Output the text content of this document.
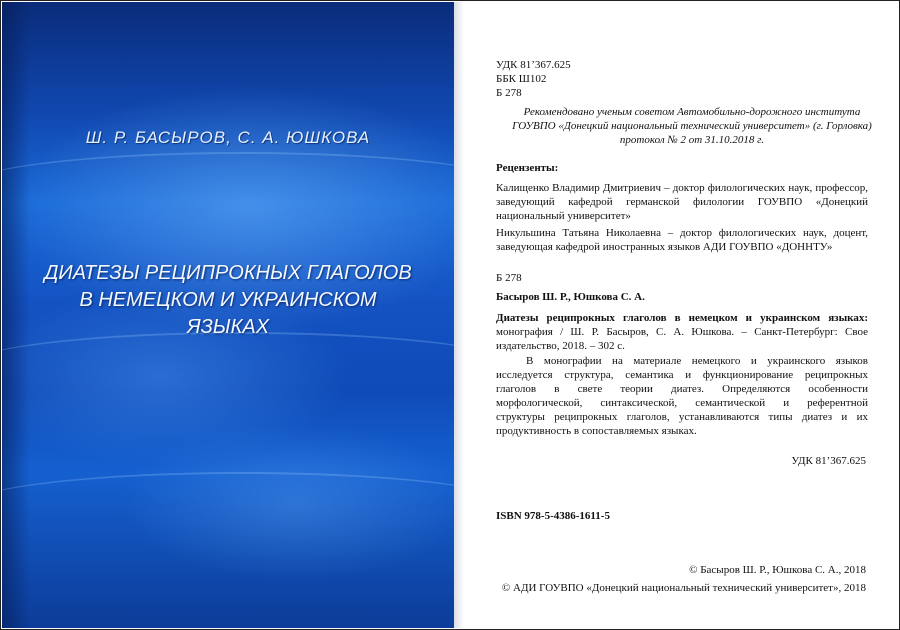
Ш. Р. БАСЫРОВ, С. А. ЮШКОВА
ДИАТЕЗЫ РЕЦИПРОКНЫХ ГЛАГОЛОВ
В НЕМЕЦКОМ И УКРАИНСКОМ
ЯЗЫКАХ
УДК 81’367.625
ББК Ш102
Б 278
Рекомендовано ученым советом Автомобильно-дорожного института
ГОУВПО «Донецкий национальный технический университет» (г. Горловка)
протокол № 2 от 31.10.2018 г.
Рецензенты:
Калищенко Владимир Дмитриевич – доктор филологических наук, профессор,
заведующий кафедрой германской филологии ГОУВПО «Донецкий
национальный университет»
Никульшина Татьяна Николаевна – доктор филологических наук, доцент,
заведующая кафедрой иностранных языков АДИ ГОУВПО «ДОННТУ»
Б 278
Басыров Ш. Р., Юшкова С. А.
Диатезы реципрокных глаголов в немецком и украинском языках:
монография / Ш. Р. Басыров, С. А. Юшкова. – Санкт-Петербург: Свое
издательство, 2018. – 302 с.
В монографии на материале немецкого и украинского языков
исследуется структура, семантика и функционирование реципрокных
глаголов в свете теории диатез. Определяются особенности
морфологической, синтаксической, семантической и референтной
структуры реципрокных глаголов, устанавливаются типы диатез и их
продуктивность в сопоставляемых языках.
УДК 81’367.625
ISBN 978-5-4386-1611-5
© Басыров Ш. Р., Юшкова С. А., 2018
© АДИ ГОУВПО «Донецкий национальный технический университет», 2018
